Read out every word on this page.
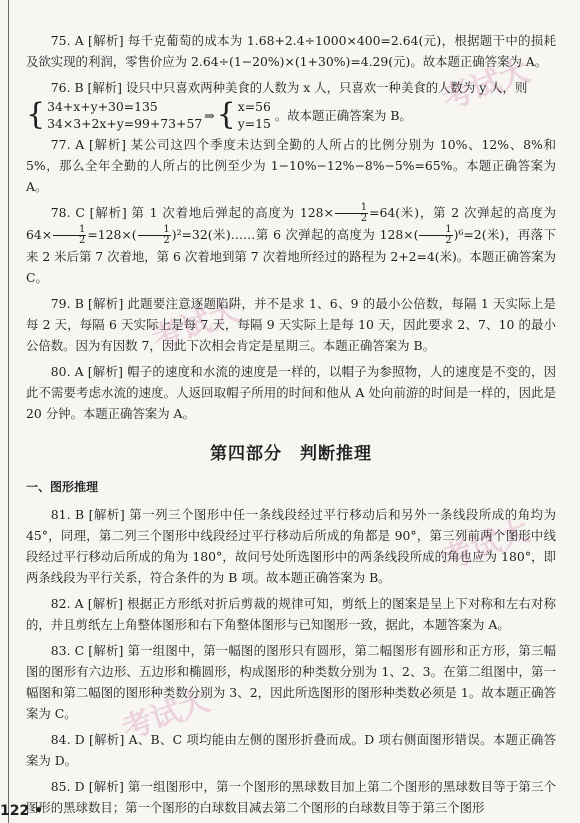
考试大
考试大
考试大
考试大

75. A [解析] 每千克葡萄的成本为 1.68+2.4÷1000×400=2.64(元)，根据题干中的损耗及欲实现的利润，零售价应为 2.64÷(1−20%)×(1+30%)=4.29(元)。故本题正确答案为 A。

76. B [解析] 设只中只喜欢两种美食的人数为 x 人，只喜欢一种美食的人数为 y 人，则

{ 34+x+y+30=135
34×3+2x+y=99+73+57
⇒ { x=56
y=15
。故本题正确答案为 B。

77. A [解析] 某公司这四个季度未达到全勤的人所占的比例分别为 10%、12%、8%和 5%，那么全年全勤的人所占的比例至少为 1−10%−12%−8%−5%=65%。本题正确答案为 A。

78. C [解析] 第 1 次着地后弹起的高度为 $128\times \frac{1}{2} =64$(米)，第 2 次弹起的高度为 $64\times \frac{1}{2} =128\times( \frac{1}{2} )^2=32$(米)……第 6 次弹起的高度为 $128\times( \frac{1}{2} )^6=2$(米)，再落下来 2 米后第 7 次着地，第 6 次着地到第 7 次着地所经过的路程为 2+2=4(米)。本题正确答案为 C。

79. B [解析] 此题要注意逐题陷阱，并不是求 1、6、9 的最小公倍数，每隔 1 天实际上是每 2 天，每隔 6 天实际上是每 7 天，每隔 9 天实际上是每 10 天，因此要求 2、7、10 的最小公倍数。因为有因数 7，因此下次相会肯定是星期三。本题正确答案为 B。

80. A [解析] 帽子的速度和水流的速度是一样的，以帽子为参照物，人的速度是不变的，因此不需要考虑水流的速度。人返回取帽子所用的时间和他从 A 处向前游的时间是一样的，因此是 20 分钟。本题正确答案为 A。

第四部分　判断推理
一、图形推理

81. B [解析] 第一列三个图形中任一条线段经过平行移动后和另外一条线段所成的角均为 45°，同理，第二列三个图形中线段经过平行移动后所成的角都是 90°，第三列前两个图形中线段经过平行移动后所成的角为 180°，故问号处所选图形中的两条线段所成的角也应为 180°，即两条线段为平行关系，符合条件的为 B 项。故本题正确答案为 B。

82. A [解析] 根据正方形纸对折后剪裁的规律可知，剪纸上的图案是呈上下对称和左右对称的，并且剪纸左上角整体图形和右下角整体图形与已知图形一致，据此，本题答案为 A。

83. C [解析] 第一组图中，第一幅图的图形只有圆形，第二幅图形有圆形和正方形，第三幅图的图形有六边形、五边形和椭圆形，构成图形的种类数分别为 1、2、3。在第二组图中，第一幅图和第二幅图的图形种类数分别为 3、2，因此所选图形的图形种类数必须是 1。故本题正确答案为 C。

84. D [解析] A、B、C 项均能由左侧的图形折叠而成。D 项右侧面图形错误。本题正确答案为 D。

85. D [解析] 第一组图形中，第一个图形的黑球数目加上第二个图形的黑球数目等于第三个图形的黑球数目；第一个图形的白球数目减去第二个图形的白球数目等于第三个图形

122 •
